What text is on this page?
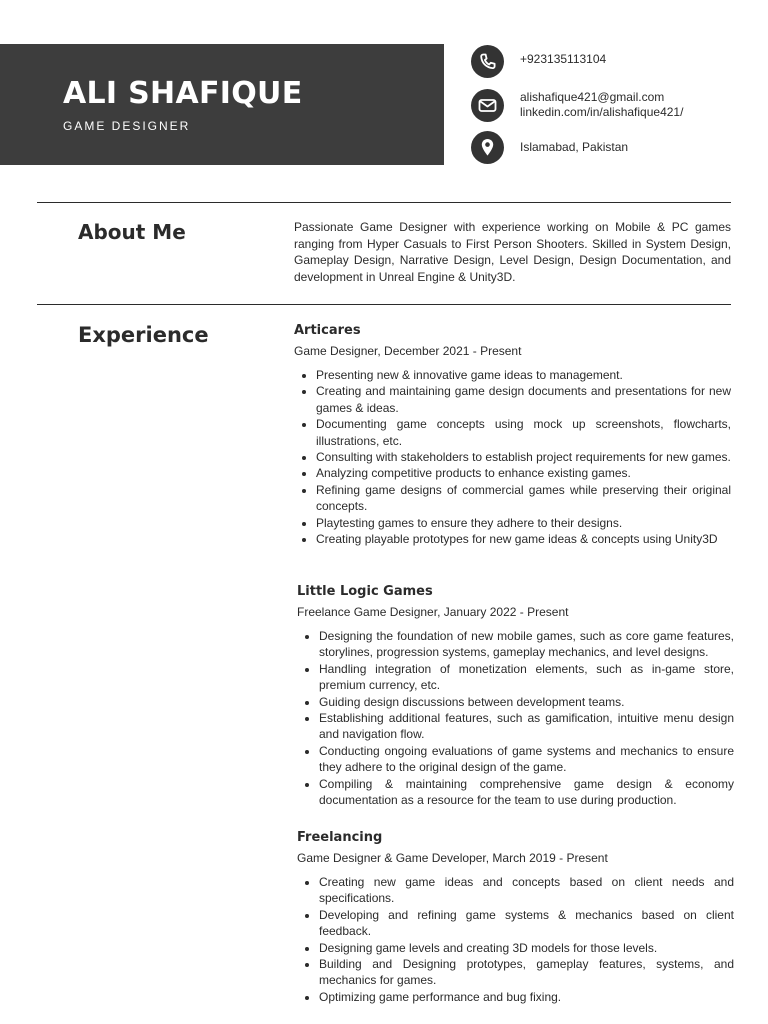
ALI SHAFIQUE
GAME DESIGNER
+923135113104
alishafique421@gmail.com
linkedin.com/in/alishafique421/
Islamabad, Pakistan
About Me	Passionate Game Designer with experience working on Mobile & PC games ranging from Hyper Casuals to First Person Shooters. Skilled in System Design, Gameplay Design, Narrative Design, Level Design, Design Documentation, and development in Unreal Engine & Unity3D.

Experience	Articares

Game Designer, December 2021 - Present

• Presenting new & innovative game ideas to management.
• Creating and maintaining game design documents and presentations for new games & ideas.
• Documenting game concepts using mock up screenshots, flowcharts, illustrations, etc.
• Consulting with stakeholders to establish project requirements for new games.
• Analyzing competitive products to enhance existing games.
• Refining game designs of commercial games while preserving their original concepts.
• Playtesting games to ensure they adhere to their designs.
• Creating playable prototypes for new game ideas & concepts using Unity3D

Little Logic Games

Freelance Game Designer, January 2022 - Present

• Designing the foundation of new mobile games, such as core game features, storylines, progression systems, gameplay mechanics, and level designs.
• Handling integration of monetization elements, such as in-game store, premium currency, etc.
• Guiding design discussions between development teams.
• Establishing additional features, such as gamification, intuitive menu design and navigation flow.
• Conducting ongoing evaluations of game systems and mechanics to ensure they adhere to the original design of the game.
• Compiling & maintaining comprehensive game design & economy documentation as a resource for the team to use during production.

Freelancing

Game Designer & Game Developer, March 2019 - Present

• Creating new game ideas and concepts based on client needs and specifications.
• Developing and refining game systems & mechanics based on client feedback.
• Designing game levels and creating 3D models for those levels.
• Building and Designing prototypes, gameplay features, systems, and mechanics for games.
• Optimizing game performance and bug fixing.
